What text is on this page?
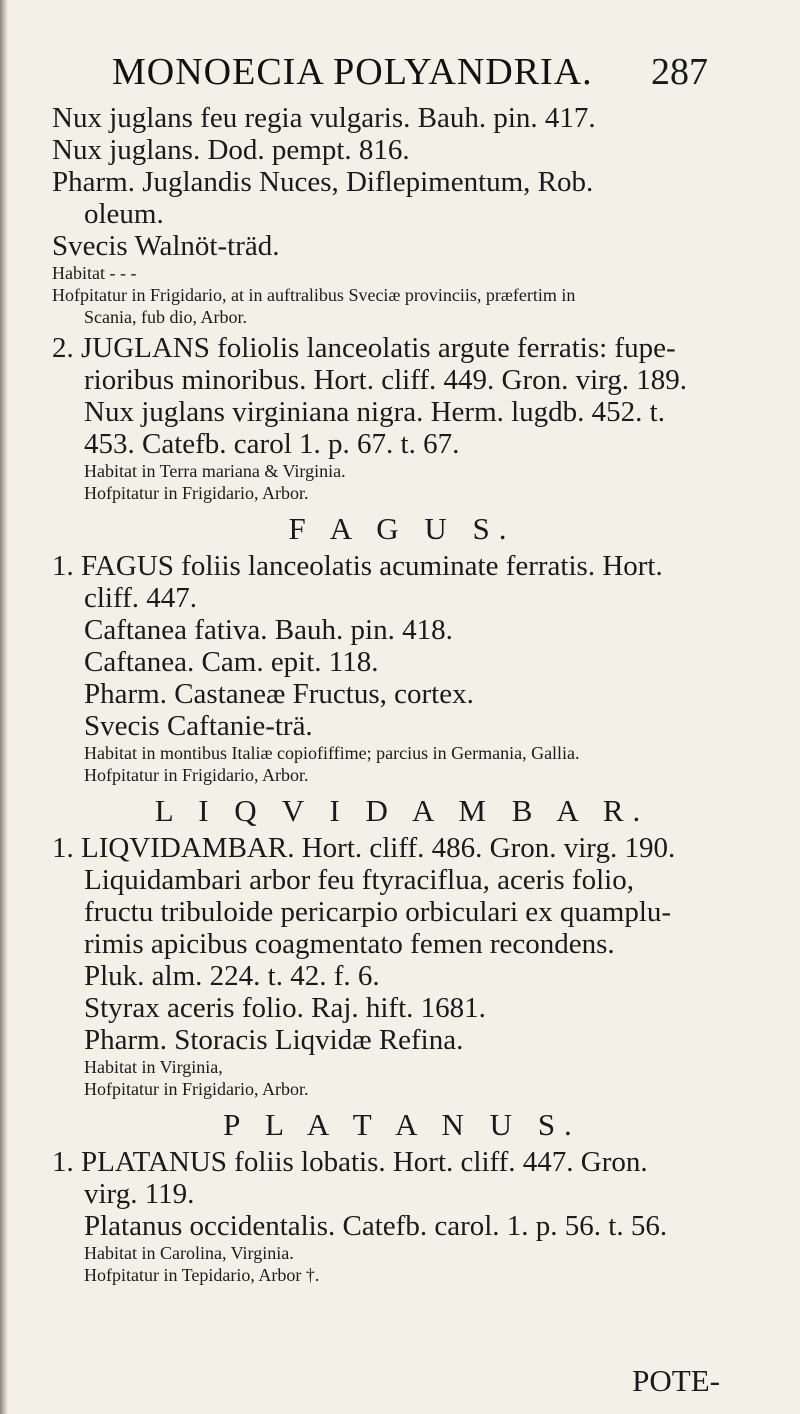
MONOECIA POLYANDRIA. 287
Nux juglans feu regia vulgaris. Bauh. pin. 417.
Nux juglans. Dod. pempt. 816.
Pharm. Juglandis Nuces, Diflepimentum, Rob.
oleum.
Svecis Walnöt-träd.
Habitat - - -
Hofpitatur in Frigidario, at in auftralibus Sveciæ provinciis, præfertim in
Scania, fub dio, Arbor.
2. JUGLANS foliolis lanceolatis argute ferratis: fupe-
rioribus minoribus. Hort. cliff. 449. Gron. virg. 189.
Nux juglans virginiana nigra. Herm. lugdb. 452. t.
453. Catefb. carol 1. p. 67. t. 67.
Habitat in Terra mariana & Virginia.
Hofpitatur in Frigidario, Arbor.
F A G U S.
1. FAGUS foliis lanceolatis acuminate ferratis. Hort.
cliff. 447.
Caftanea fativa. Bauh. pin. 418.
Caftanea. Cam. epit. 118.
Pharm. Castaneæ Fructus, cortex.
Svecis Caftanie-trä.
Habitat in montibus Italiæ copiofiffime; parcius in Germania, Gallia.
Hofpitatur in Frigidario, Arbor.
L I Q V I D A M B A R.
1. LIQVIDAMBAR. Hort. cliff. 486. Gron. virg. 190.
Liquidambari arbor feu ftyraciflua, aceris folio,
fructu tribuloide pericarpio orbiculari ex quamplu-
rimis apicibus coagmentato femen recondens.
Pluk. alm. 224. t. 42. f. 6.
Styrax aceris folio. Raj. hift. 1681.
Pharm. Storacis Liqvidæ Refina.
Habitat in Virginia,
Hofpitatur in Frigidario, Arbor.
P L A T A N U S.
1. PLATANUS foliis lobatis. Hort. cliff. 447. Gron.
virg. 119.
Platanus occidentalis. Catefb. carol. 1. p. 56. t. 56.
Habitat in Carolina, Virginia.
Hofpitatur in Tepidario, Arbor †.
POTE-
